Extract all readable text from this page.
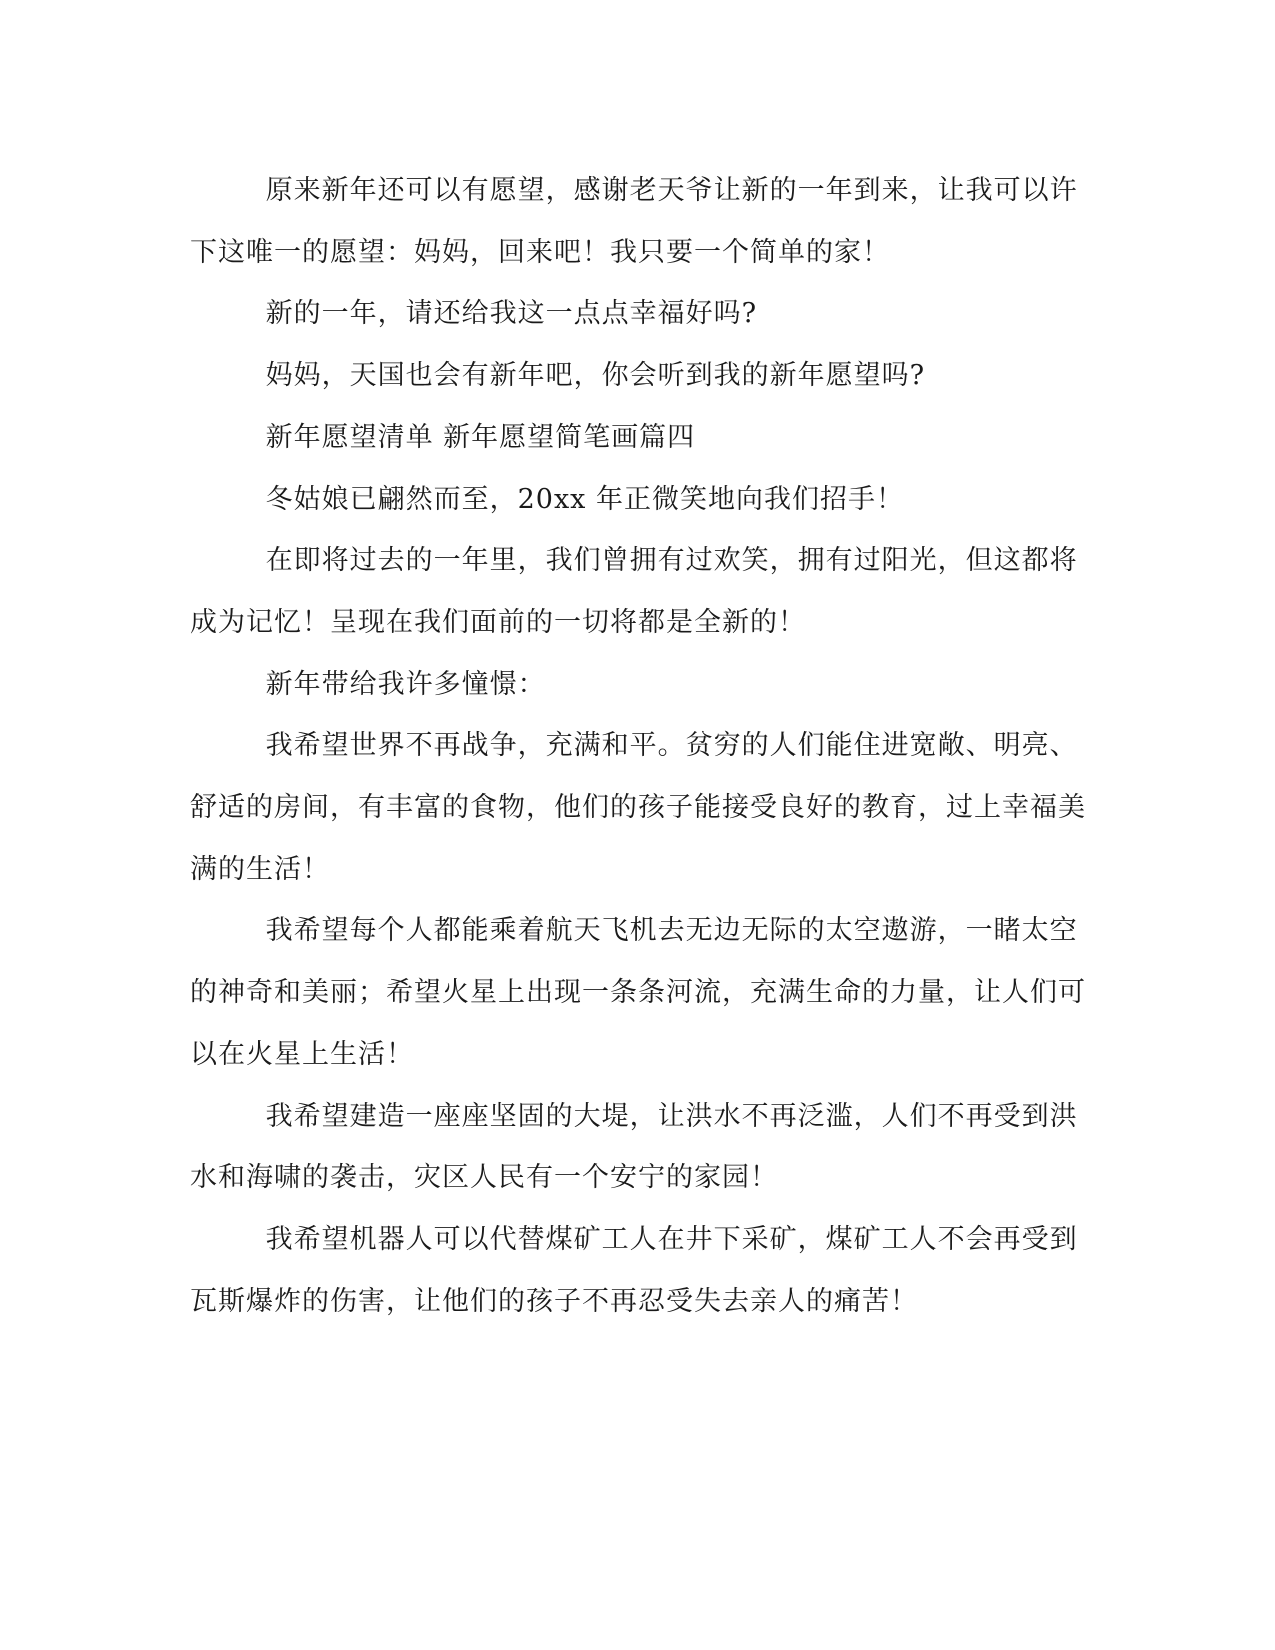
原来新年还可以有愿望，感谢老天爷让新的一年到来，让我可以许下这唯一的愿望：妈妈，回来吧！我只要一个简单的家！

新的一年，请还给我这一点点幸福好吗?

妈妈，天国也会有新年吧，你会听到我的新年愿望吗?

新年愿望清单 新年愿望简笔画篇四

冬姑娘已翩然而至，20xx 年正微笑地向我们招手！

在即将过去的一年里，我们曾拥有过欢笑，拥有过阳光，但这都将成为记忆！呈现在我们面前的一切将都是全新的！

新年带给我许多憧憬：

我希望世界不再战争，充满和平。贫穷的人们能住进宽敞、明亮、舒适的房间，有丰富的食物，他们的孩子能接受良好的教育，过上幸福美满的生活！

我希望每个人都能乘着航天飞机去无边无际的太空遨游，一睹太空的神奇和美丽；希望火星上出现一条条河流，充满生命的力量，让人们可以在火星上生活！

我希望建造一座座坚固的大堤，让洪水不再泛滥，人们不再受到洪水和海啸的袭击，灾区人民有一个安宁的家园！

我希望机器人可以代替煤矿工人在井下采矿，煤矿工人不会再受到瓦斯爆炸的伤害，让他们的孩子不再忍受失去亲人的痛苦！
